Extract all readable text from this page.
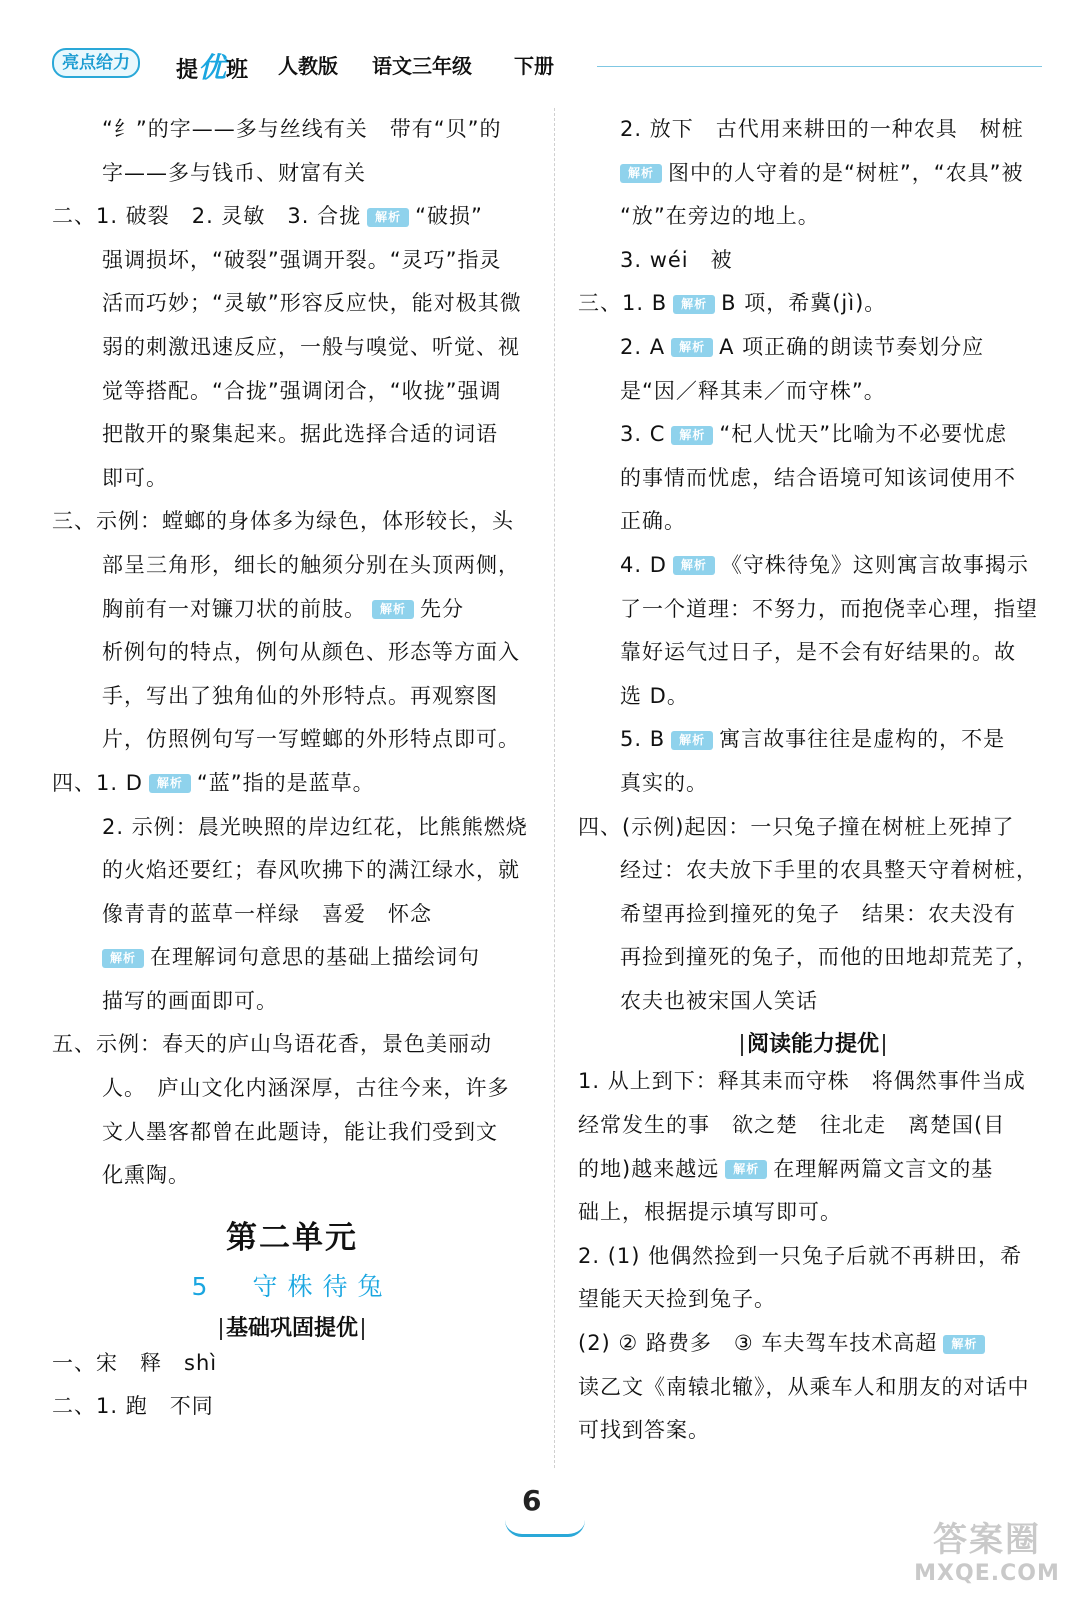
亮点给力	提优班 人教版 语文三年级 下册
“纟”的字——多与丝线有关　带有“贝”的
字——多与钱币、财富有关
二、1. 破裂　2. 灵敏　3. 合拢 解析 “破损”
强调损坏，“破裂”强调开裂。“灵巧”指灵
活而巧妙；“灵敏”形容反应快，能对极其微
弱的刺激迅速反应，一般与嗅觉、听觉、视
觉等搭配。“合拢”强调闭合，“收拢”强调
把散开的聚集起来。据此选择合适的词语
即可。
三、示例：螳螂的身体多为绿色，体形较长，头
部呈三角形，细长的触须分别在头顶两侧，
胸前有一对镰刀状的前肢。 解析 先分
析例句的特点，例句从颜色、形态等方面入
手，写出了独角仙的外形特点。再观察图
片，仿照例句写一写螳螂的外形特点即可。
四、1. D 解析 “蓝”指的是蓝草。
2. 示例：晨光映照的岸边红花，比熊熊燃烧
的火焰还要红；春风吹拂下的满江绿水，就
像青青的蓝草一样绿　喜爱　怀念
解析 在理解词句意思的基础上描绘词句
描写的画面即可。
五、示例：春天的庐山鸟语花香，景色美丽动
人。　庐山文化内涵深厚，古往今来，许多
文人墨客都曾在此题诗，能让我们受到文
化熏陶。
第二单元
5　守株待兔
基础巩固提优
一、宋　释　shì
二、1. 跑　不同
2. 放下　古代用来耕田的一种农具　树桩
解析 图中的人守着的是“树桩”，“农具”被
“放”在旁边的地上。
3. wéi　被
三、1. B 解析 B 项，希冀(jì)。
2. A 解析 A 项正确的朗读节奏划分应
是“因／释其耒／而守株”。
3. C 解析 “杞人忧天”比喻为不必要忧虑
的事情而忧虑，结合语境可知该词使用不
正确。
4. D 解析 《守株待兔》这则寓言故事揭示
了一个道理：不努力，而抱侥幸心理，指望
靠好运气过日子，是不会有好结果的。故
选 D。
5. B 解析 寓言故事往往是虚构的，不是
真实的。
四、(示例)起因：一只兔子撞在树桩上死掉了
经过：农夫放下手里的农具整天守着树桩，
希望再捡到撞死的兔子　结果：农夫没有
再捡到撞死的兔子，而他的田地却荒芜了，
农夫也被宋国人笑话
阅读能力提优
1. 从上到下：释其耒而守株　将偶然事件当成
经常发生的事　欲之楚　往北走　离楚国(目
的地)越来越远 解析 在理解两篇文言文的基
础上，根据提示填写即可。
2. (1) 他偶然捡到一只兔子后就不再耕田，希
望能天天捡到兔子。
(2) ② 路费多　③ 车夫驾车技术高超 解析
读乙文《南辕北辙》，从乘车人和朋友的对话中
可找到答案。
6
答案圈
MXQE.COM
